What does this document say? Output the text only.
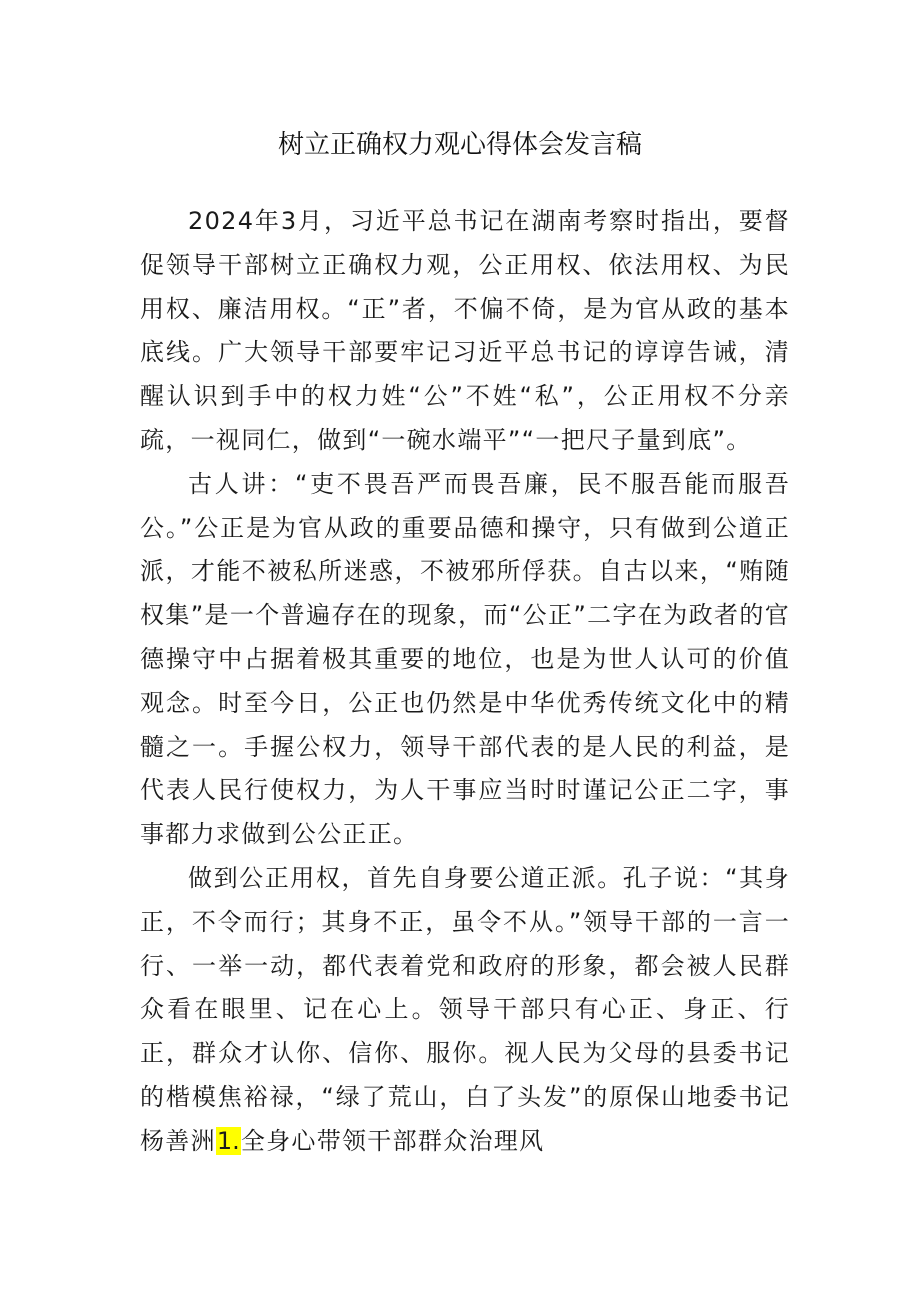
树立正确权力观心得体会发言稿

2024年3月，习近平总书记在湖南考察时指出，要督促领导干部树立正确权力观，公正用权、依法用权、为民用权、廉洁用权。“正”者，不偏不倚，是为官从政的基本底线。广大领导干部要牢记习近平总书记的谆谆告诫，清醒认识到手中的权力姓“公”不姓“私”，公正用权不分亲疏，一视同仁，做到“一碗水端平”“一把尺子量到底”。

古人讲：“吏不畏吾严而畏吾廉，民不服吾能而服吾公。”公正是为官从政的重要品德和操守，只有做到公道正派，才能不被私所迷惑，不被邪所俘获。自古以来，“贿随权集”是一个普遍存在的现象，而“公正”二字在为政者的官德操守中占据着极其重要的地位，也是为世人认可的价值观念。时至今日，公正也仍然是中华优秀传统文化中的精髓之一。手握公权力，领导干部代表的是人民的利益，是代表人民行使权力，为人干事应当时时谨记公正二字，事事都力求做到公公正正。

做到公正用权，首先自身要公道正派。孔子说：“其身正，不令而行；其身不正，虽令不从。”领导干部的一言一行、一举一动，都代表着党和政府的形象，都会被人民群众看在眼里、记在心上。领导干部只有心正、身正、行正，群众才认你、信你、服你。视人民为父母的县委书记的楷模焦裕禄，“绿了荒山，白了头发”的原保山地委书记杨善洲1.全身心带领干部群众治理风
